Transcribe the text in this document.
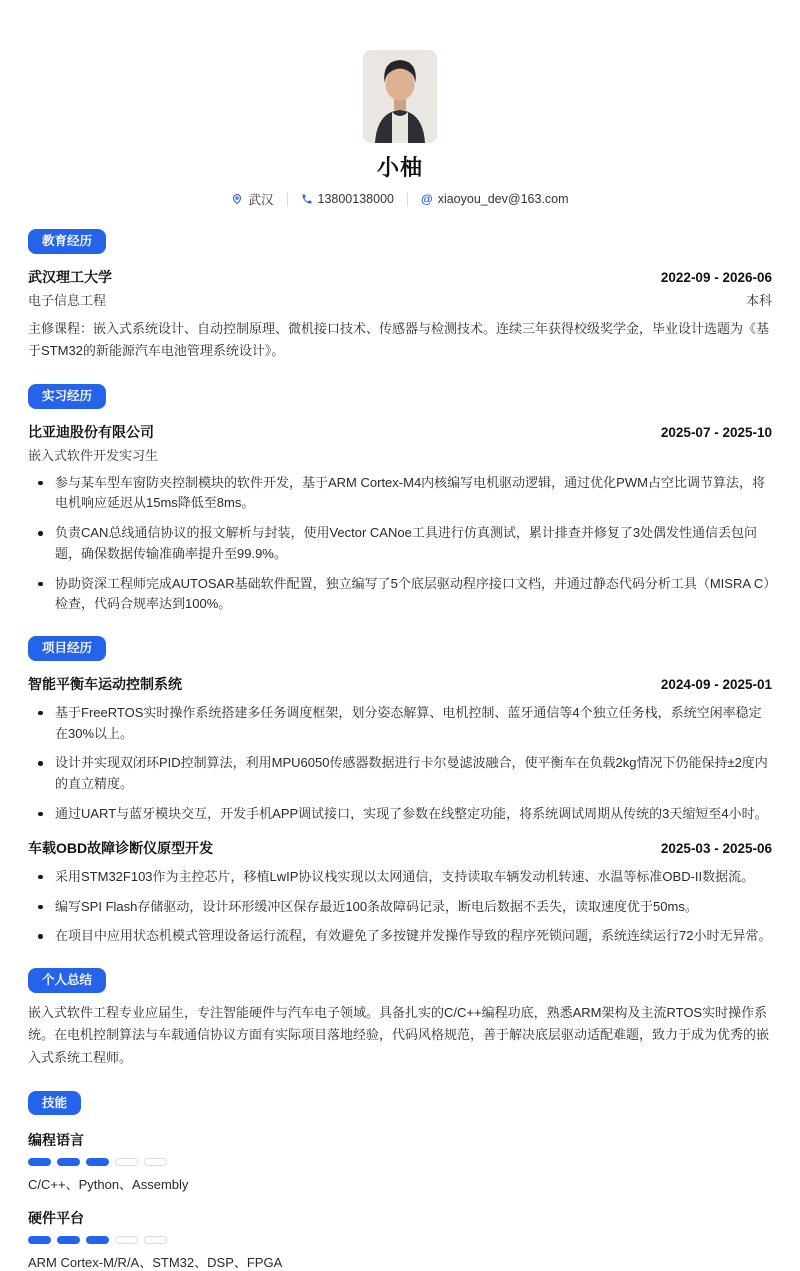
小柚
武汉	13800138000 @ xiaoyou_dev@163.com
教育经历
武汉理工大学	2022-09 - 2026-06
电子信息工程	本科
主修课程：嵌入式系统设计、自动控制原理、微机接口技术、传感器与检测技术。连续三年获得校级奖学金，毕业设计选题为《基于STM32的新能源汽车电池管理系统设计》。
实习经历
比亚迪股份有限公司	2025-07 - 2025-10
嵌入式软件开发实习生
参与某车型车窗防夹控制模块的软件开发，基于ARM Cortex-M4内核编写电机驱动逻辑，通过优化PWM占空比调节算法，将电机响应延迟从15ms降低至8ms。
负责CAN总线通信协议的报文解析与封装，使用Vector CANoe工具进行仿真测试，累计排查并修复了3处偶发性通信丢包问题，确保数据传输准确率提升至99.9%。
协助资深工程师完成AUTOSAR基础软件配置，独立编写了5个底层驱动程序接口文档，并通过静态代码分析工具（MISRA C）检查，代码合规率达到100%。
项目经历
智能平衡车运动控制系统	2024-09 - 2025-01
基于FreeRTOS实时操作系统搭建多任务调度框架，划分姿态解算、电机控制、蓝牙通信等4个独立任务栈，系统空闲率稳定在30%以上。
设计并实现双闭环PID控制算法，利用MPU6050传感器数据进行卡尔曼滤波融合，使平衡车在负载2kg情况下仍能保持±2度内的直立精度。
通过UART与蓝牙模块交互，开发手机APP调试接口，实现了参数在线整定功能，将系统调试周期从传统的3天缩短至4小时。
车载OBD故障诊断仪原型开发	2025-03 - 2025-06
采用STM32F103作为主控芯片，移植LwIP协议栈实现以太网通信，支持读取车辆发动机转速、水温等标准OBD-II数据流。
编写SPI Flash存储驱动，设计环形缓冲区保存最近100条故障码记录，断电后数据不丢失，读取速度优于50ms。
在项目中应用状态机模式管理设备运行流程，有效避免了多按键并发操作导致的程序死锁问题，系统连续运行72小时无异常。
个人总结
嵌入式软件工程专业应届生，专注智能硬件与汽车电子领域。具备扎实的C/C++编程功底，熟悉ARM架构及主流RTOS实时操作系统。在电机控制算法与车载通信协议方面有实际项目落地经验，代码风格规范，善于解决底层驱动适配难题，致力于成为优秀的嵌入式系统工程师。
技能
编程语言
C/C++、Python、Assembly
硬件平台
ARM Cortex-M/R/A、STM32、DSP、FPGA
